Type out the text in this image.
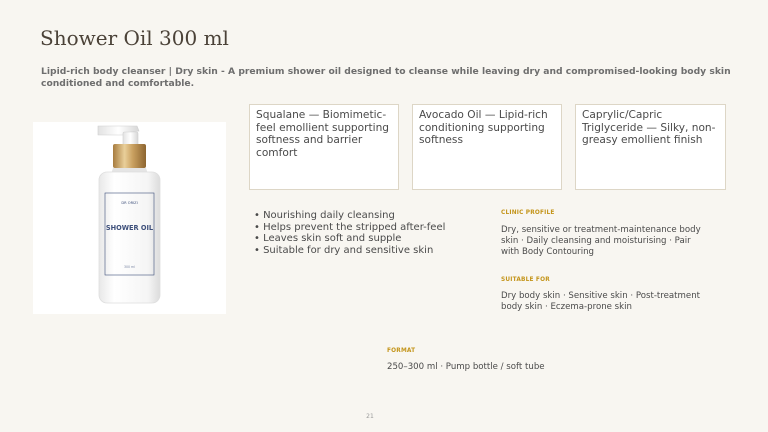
Shower Oil 300 ml
Lipid-rich body cleanser | Dry skin - A premium shower oil designed to cleanse while leaving dry and compromised-looking body skin conditioned and comfortable.
DR ORIZI
SHOWER OIL
300 ml
Squalane — Biomimetic-feel emollient supporting softness and barrier comfort
Avocado Oil — Lipid-rich conditioning supporting softness
Caprylic/Capric Triglyceride — Silky, non-greasy emollient finish
• Nourishing daily cleansing
• Helps prevent the stripped after-feel
• Leaves skin soft and supple
• Suitable for dry and sensitive skin
CLINIC PROFILE
Dry, sensitive or treatment-maintenance body skin · Daily cleansing and moisturising · Pair with Body Contouring
SUITABLE FOR
Dry body skin · Sensitive skin · Post-treatment body skin · Eczema-prone skin
FORMAT
250–300 ml · Pump bottle / soft tube
21
